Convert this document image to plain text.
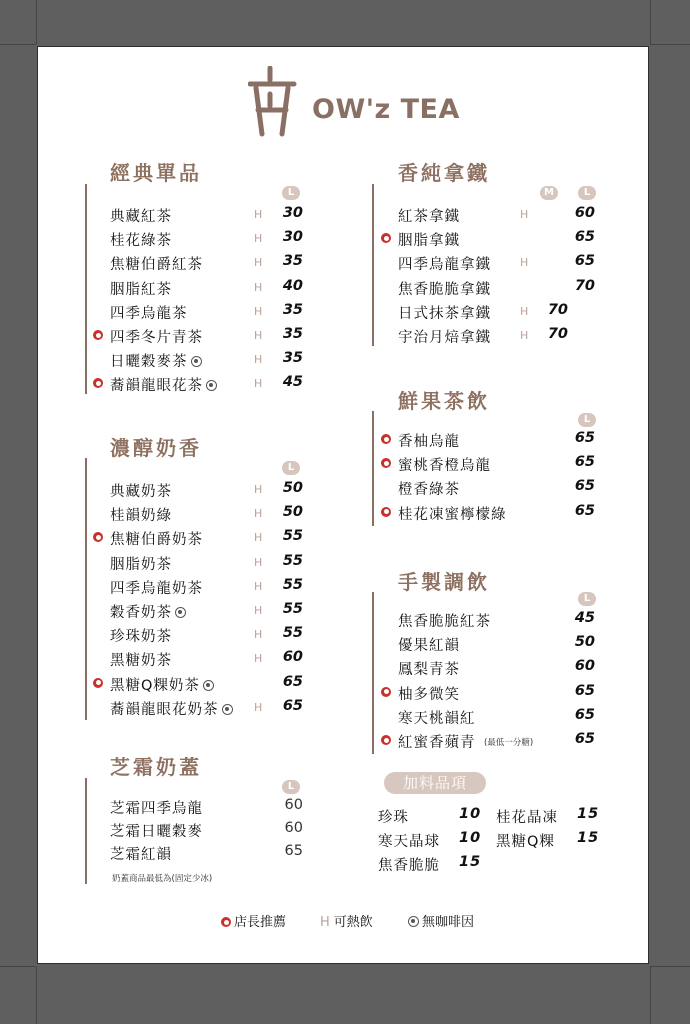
OW'z TEA
經典單品
L
濃醇奶香
L
芝霜奶蓋
L
奶蓋商品最低為(固定少冰)
香純拿鐵
M	L
鮮果茶飲
L
手製調飲
L
加料品項
店長推薦	H 可熱飲	無咖啡因
典藏紅茶	H	30
桂花綠茶	H	30
焦糖伯爵紅茶	H	35
胭脂紅茶	H	40
四季烏龍茶	H	35
四季冬片青茶	H	35
日曬穀麥茶	H	35
蕎韻龍眼花茶	H	45
典藏奶茶	H	50
桂韻奶綠	H	50
焦糖伯爵奶茶	H	55
胭脂奶茶	H	55
四季烏龍奶茶	H	55
穀香奶茶	H	55
珍珠奶茶	H	55
黑糖奶茶	H	60
黑糖Q粿奶茶	65
蕎韻龍眼花奶茶	H	65
芝霜四季烏龍	60
芝霜日曬穀麥	60
芝霜紅韻	65
紅茶拿鐵	H	60
胭脂拿鐵	65
四季烏龍拿鐵	H	65
焦香脆脆拿鐵	70
日式抹茶拿鐵	H	70
宇治月焙拿鐵	H	70
香柚烏龍	65
蜜桃香橙烏龍	65
橙香綠茶	65
桂花凍蜜檸檬綠	65
焦香脆脆紅茶	45
優果紅韻	50
鳳梨青茶	60
柚多微笑	65
寒天桃韻紅	65
紅蜜香蘋青 (最低一分糖)	65
珍珠	10 桂花晶凍 15
寒天晶球 10 黑糖Q粿 15
焦香脆脆 15
